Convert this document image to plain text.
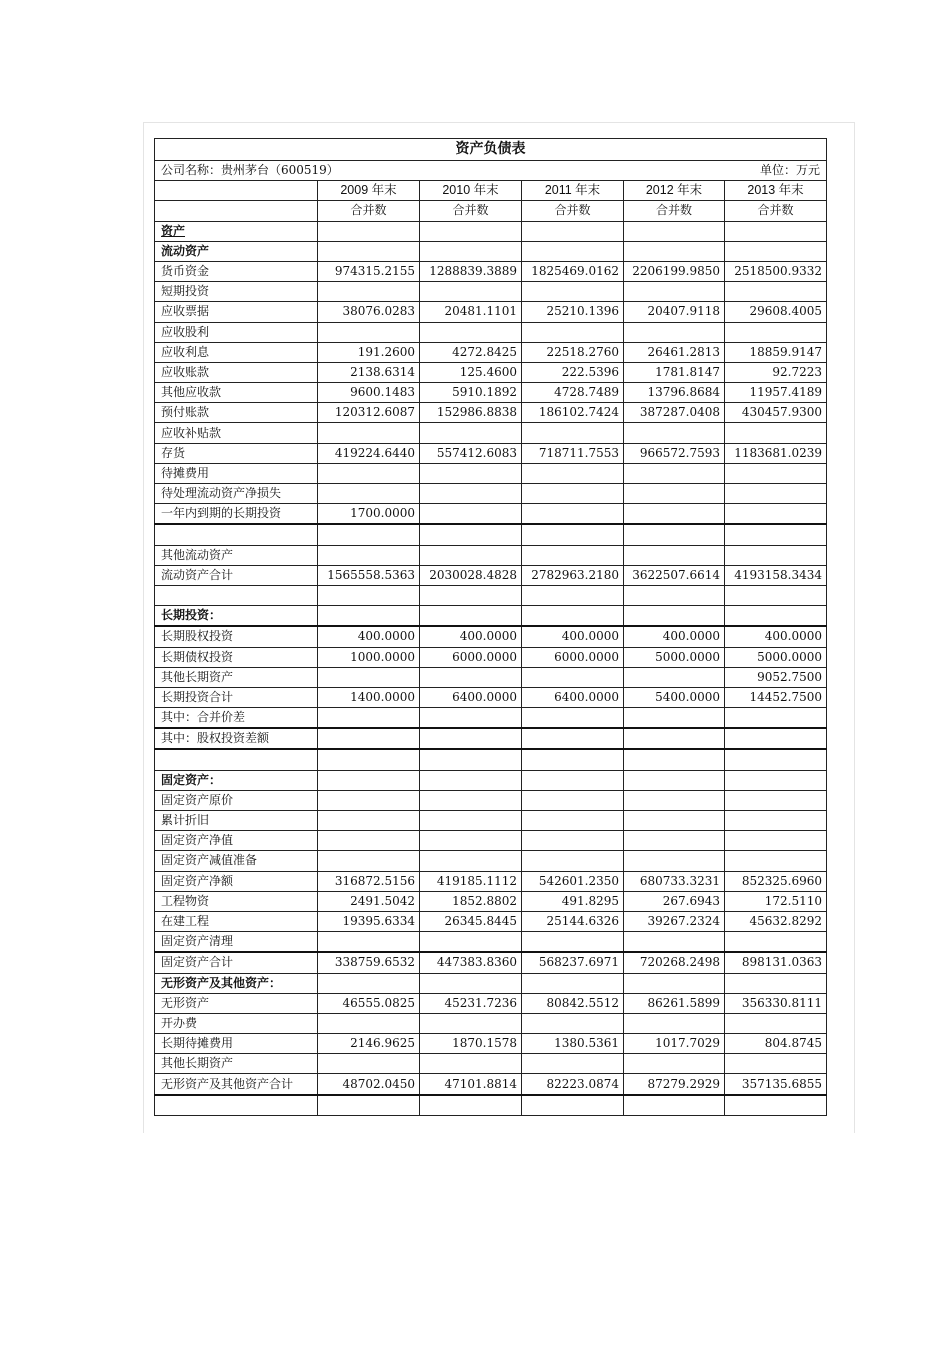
资产负债表					
公司名称：贵州茅台（600519）				单位：万元	
	2009 年末	2010 年末	2011 年末	2012 年末	2013 年末
	合并数	合并数	合并数	合并数	合并数
资产					
流动资产					
货币资金	974315.2155	1288839.3889	1825469.0162	2206199.9850	2518500.9332
短期投资					
应收票据	38076.0283	20481.1101	25210.1396	20407.9118	29608.4005
应收股利					
应收利息	191.2600	4272.8425	22518.2760	26461.2813	18859.9147
应收账款	2138.6314	125.4600	222.5396	1781.8147	92.7223
其他应收款	9600.1483	5910.1892	4728.7489	13796.8684	11957.4189
预付账款	120312.6087	152986.8838	186102.7424	387287.0408	430457.9300
应收补贴款					
存货	419224.6440	557412.6083	718711.7553	966572.7593	1183681.0239
待摊费用					
待处理流动资产净损失					
一年内到期的长期投资	1700.0000				

其他流动资产					
流动资产合计	1565558.5363	2030028.4828	2782963.2180	3622507.6614	4193158.3434

长期投资：					
长期股权投资	400.0000	400.0000	400.0000	400.0000	400.0000
长期债权投资	1000.0000	6000.0000	6000.0000	5000.0000	5000.0000
其他长期资产					9052.7500
长期投资合计	1400.0000	6400.0000	6400.0000	5400.0000	14452.7500
其中：合并价差					
其中：股权投资差额					

固定资产：					
固定资产原价					
累计折旧					
固定资产净值					
固定资产减值准备					
固定资产净额	316872.5156	419185.1112	542601.2350	680733.3231	852325.6960
工程物资	2491.5042	1852.8802	491.8295	267.6943	172.5110
在建工程	19395.6334	26345.8445	25144.6326	39267.2324	45632.8292
固定资产清理					
固定资产合计	338759.6532	447383.8360	568237.6971	720268.2498	898131.0363
无形资产及其他资产：					
无形资产	46555.0825	45231.7236	80842.5512	86261.5899	356330.8111
开办费					
长期待摊费用	2146.9625	1870.1578	1380.5361	1017.7029	804.8745
其他长期资产					
无形资产及其他资产合计	48702.0450	47101.8814	82223.0874	87279.2929	357135.6855
